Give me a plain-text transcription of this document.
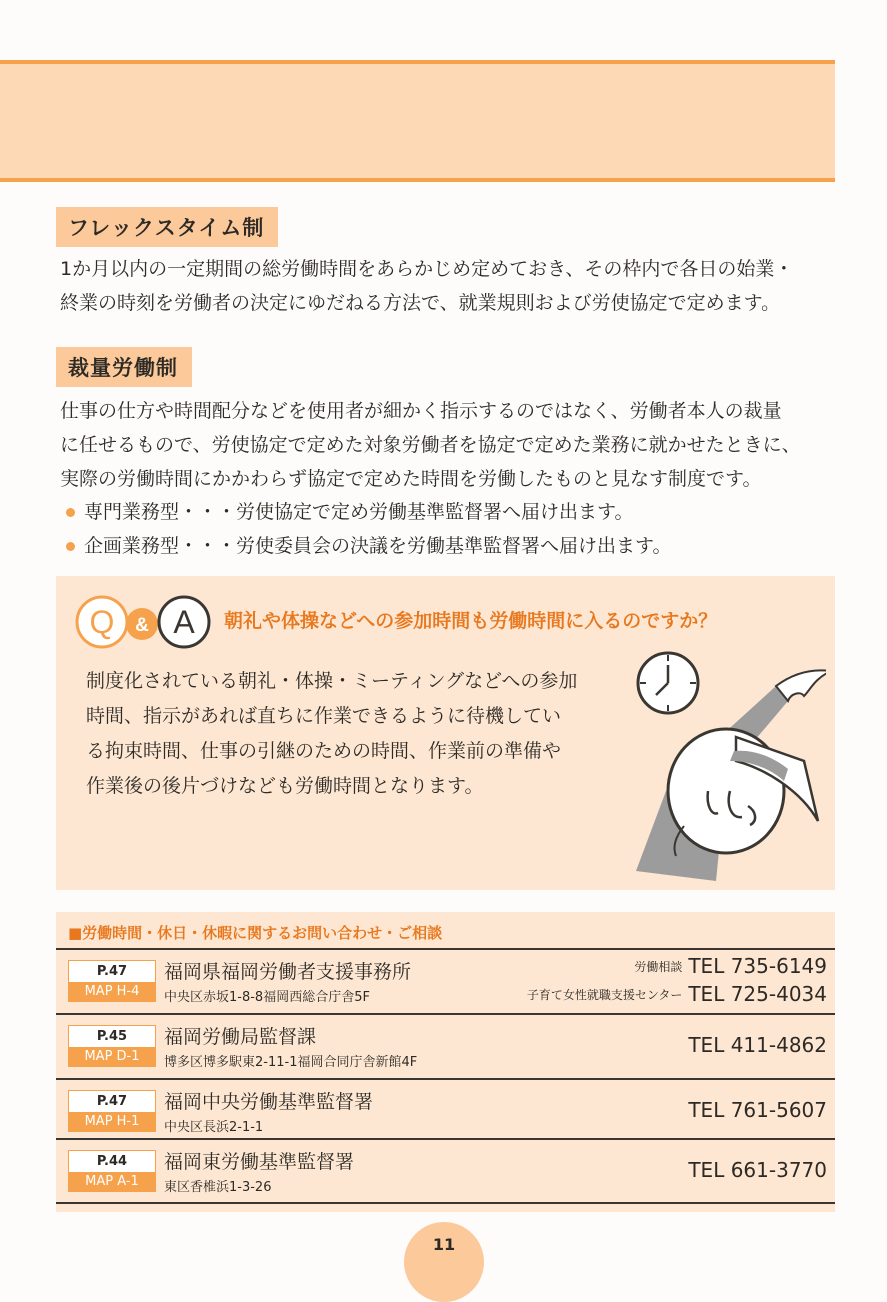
フレックスタイム制
1か月以内の一定期間の総労働時間をあらかじめ定めておき、その枠内で各日の始業・
終業の時刻を労働者の決定にゆだねる方法で、就業規則および労使協定で定めます。
裁量労働制
仕事の仕方や時間配分などを使用者が細かく指示するのではなく、労働者本人の裁量
に任せるもので、労使協定で定めた対象労働者を協定で定めた業務に就かせたときに、
実際の労働時間にかかわらず協定で定めた時間を労働したものと見なす制度です。
専門業務型・・・労使協定で定め労働基準監督署へ届け出ます。
企画業務型・・・労使委員会の決議を労働基準監督署へ届け出ます。
Q & A 朝礼や体操などへの参加時間も労働時間に入るのですか？
制度化されている朝礼・体操・ミーティングなどへの参加
時間、指示があれば直ちに作業できるように待機してい
る拘束時間、仕事の引継のための時間、作業前の準備や
作業後の後片づけなども労働時間となります。
■労働時間・休日・休暇に関するお問い合わせ・ご相談
P.47
MAP H-4
福岡県福岡労働者支援事務所
中央区赤坂1-8-8福岡西総合庁舎5F
労働相談 TEL 735-6149
子育て女性就職支援センター TEL 725-4034
P.45
MAP D-1
福岡労働局監督課
博多区博多駅東2-11-1福岡合同庁舎新館4F
TEL 411-4862
P.47
MAP H-1
福岡中央労働基準監督署
中央区長浜2-1-1
TEL 761-5607
P.44
MAP A-1
福岡東労働基準監督署
東区香椎浜1-3-26
TEL 661-3770
11
